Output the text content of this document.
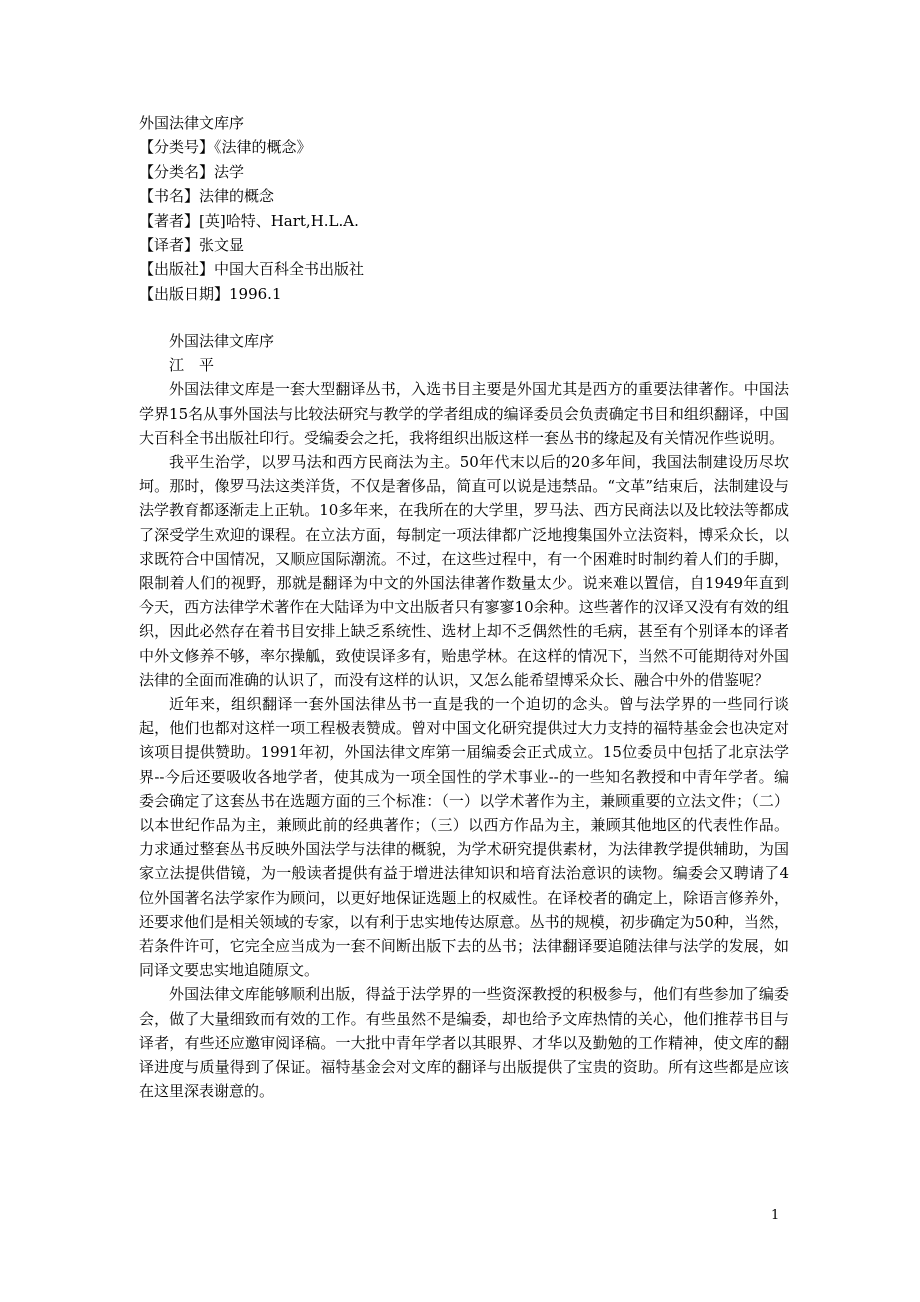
外国法律文库序
【分类号】《法律的概念》
【分类名】法学
【书名】法律的概念
【著者】[英]哈特、Hart,H.L.A.
【译者】张文显
【出版社】中国大百科全书出版社
【出版日期】1996.1
外国法律文库序
江　平

外国法律文库是一套大型翻译丛书，入选书目主要是外国尤其是西方的重要法律著作。中国法学界15名从事外国法与比较法研究与教学的学者组成的编译委员会负责确定书目和组织翻译，中国大百科全书出版社印行。受编委会之托，我将组织出版这样一套丛书的缘起及有关情况作些说明。

我平生治学，以罗马法和西方民商法为主。50年代末以后的20多年间，我国法制建设历尽坎坷。那时，像罗马法这类洋货，不仅是奢侈品，简直可以说是违禁品。“文革”结束后，法制建设与法学教育都逐渐走上正轨。10多年来，在我所在的大学里，罗马法、西方民商法以及比较法等都成了深受学生欢迎的课程。在立法方面，每制定一项法律都广泛地搜集国外立法资料，博采众长，以求既符合中国情况，又顺应国际潮流。不过，在这些过程中，有一个困难时时制约着人们的手脚，限制着人们的视野，那就是翻译为中文的外国法律著作数量太少。说来难以置信，自1949年直到今天，西方法律学术著作在大陆译为中文出版者只有寥寥10余种。这些著作的汉译又没有有效的组织，因此必然存在着书目安排上缺乏系统性、选材上却不乏偶然性的毛病，甚至有个别译本的译者中外文修养不够，率尔操觚，致使误译多有，贻患学林。在这样的情况下，当然不可能期待对外国法律的全面而准确的认识了，而没有这样的认识，又怎么能希望博采众长、融合中外的借鉴呢？

近年来，组织翻译一套外国法律丛书一直是我的一个迫切的念头。曾与法学界的一些同行谈起，他们也都对这样一项工程极表赞成。曾对中国文化研究提供过大力支持的福特基金会也决定对该项目提供赞助。1991年初，外国法律文库第一届编委会正式成立。15位委员中包括了北京法学界--今后还要吸收各地学者，使其成为一项全国性的学术事业--的一些知名教授和中青年学者。编委会确定了这套丛书在选题方面的三个标准：（一）以学术著作为主，兼顾重要的立法文件；（二）以本世纪作品为主，兼顾此前的经典著作；（三）以西方作品为主，兼顾其他地区的代表性作品。力求通过整套丛书反映外国法学与法律的概貌，为学术研究提供素材，为法律教学提供辅助，为国家立法提供借镜，为一般读者提供有益于增进法律知识和培育法治意识的读物。编委会又聘请了4位外国著名法学家作为顾问，以更好地保证选题上的权威性。在译校者的确定上，除语言修养外，还要求他们是相关领域的专家，以有利于忠实地传达原意。丛书的规模，初步确定为50种，当然，若条件许可，它完全应当成为一套不间断出版下去的丛书；法律翻译要追随法律与法学的发展，如同译文要忠实地追随原文。

外国法律文库能够顺利出版，得益于法学界的一些资深教授的积极参与，他们有些参加了编委会，做了大量细致而有效的工作。有些虽然不是编委，却也给予文库热情的关心，他们推荐书目与译者，有些还应邀审阅译稿。一大批中青年学者以其眼界、才华以及勤勉的工作精神，使文库的翻译进度与质量得到了保证。福特基金会对文库的翻译与出版提供了宝贵的资助。所有这些都是应该在这里深表谢意的。

1
